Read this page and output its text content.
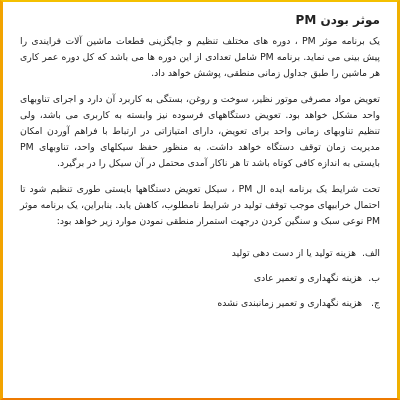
موثر بودن PM

یک برنامه موثر PM ، دوره های مختلف تنظیم و جایگزینی قطعات ماشین آلات فرایندی را پیش بینی می نماید. برنامه PM شامل تعدادی از این دوره ها می باشد که کل دوره عمر کاری هر ماشین را طبق جداول زمانی منطقی، پوشش خواهد داد.

تعویض مواد مصرفی موتور نظیر، سوخت و روغن، بستگی به کاربرد آن دارد و اجرای تناوبهای واحد مشکل خواهد بود. تعویض دستگاههای فرسوده نیز وابسته به کاربری می باشد، ولی تنظیم تناوبهای زمانی واحد برای تعویض، دارای امتیازاتی در ارتباط با فراهم آوردن امکان مدیریت زمان توقف دستگاه خواهد داشت. به منظور حفظ سیکلهای واحد، تناوبهای PM بایستی به اندازه کافی کوتاه باشد تا هر ناکار آمدی محتمل در آن سیکل را در برگیرد.

تحت شرایط یک برنامه ایده ال PM ، سیکل تعویض دستگاهها بایستی طوری تنظیم شود تا احتمال خرابیهای موجب توقف تولید در شرایط نامطلوب، کاهش یابد. بنابراین، یک برنامه موثر PM نوعی سبک و سنگین کردن درجهت استمرار منطقی نمودن موارد زیر خواهد بود:

الف.
هزینه تولید یا از دست دهی تولید
ب.
هزینه نگهداری و تعمیر عادی
ج.
هزینه نگهداری و تعمیر زمانبندی نشده
